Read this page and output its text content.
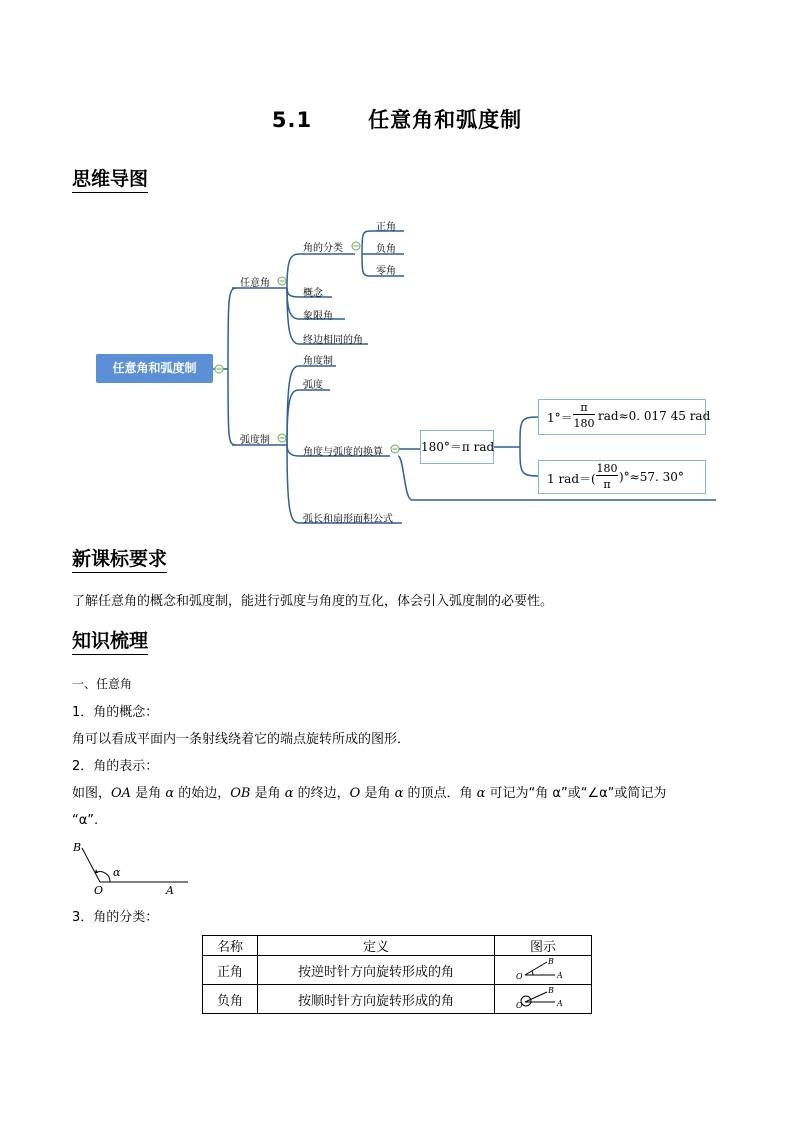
5.1	任意角和弧度制
思维导图
任意角和弧度制
任意角
角的分类
正角
负角
零角
概念
象限角
终边相同的角
弧度制
角度制
弧度
角度与弧度的换算
弧长和扇形面积公式
180°＝π rad
1°＝
π
180
rad≈0. 017 45 rad
1 rad＝(
180
π
)°≈57. 30°
新课标要求
了解任意角的概念和弧度制，能进行弧度与角度的互化，体会引入弧度制的必要性。
知识梳理
一、任意角
1．角的概念：
角可以看成平面内一条射线绕着它的端点旋转所成的图形．
2．角的表示：
如图，OA 是角 α 的始边，OB 是角 α 的终边，O 是角 α 的顶点．角 α 可记为“角 α”或“∠α”或简记为
“α”.
B
α
O	A
3．角的分类：
名称	定义	图示
正角	按逆时针方向旋转形成的角	O
B
A

负角	按顺时针方向旋转形成的角	O
B
A
